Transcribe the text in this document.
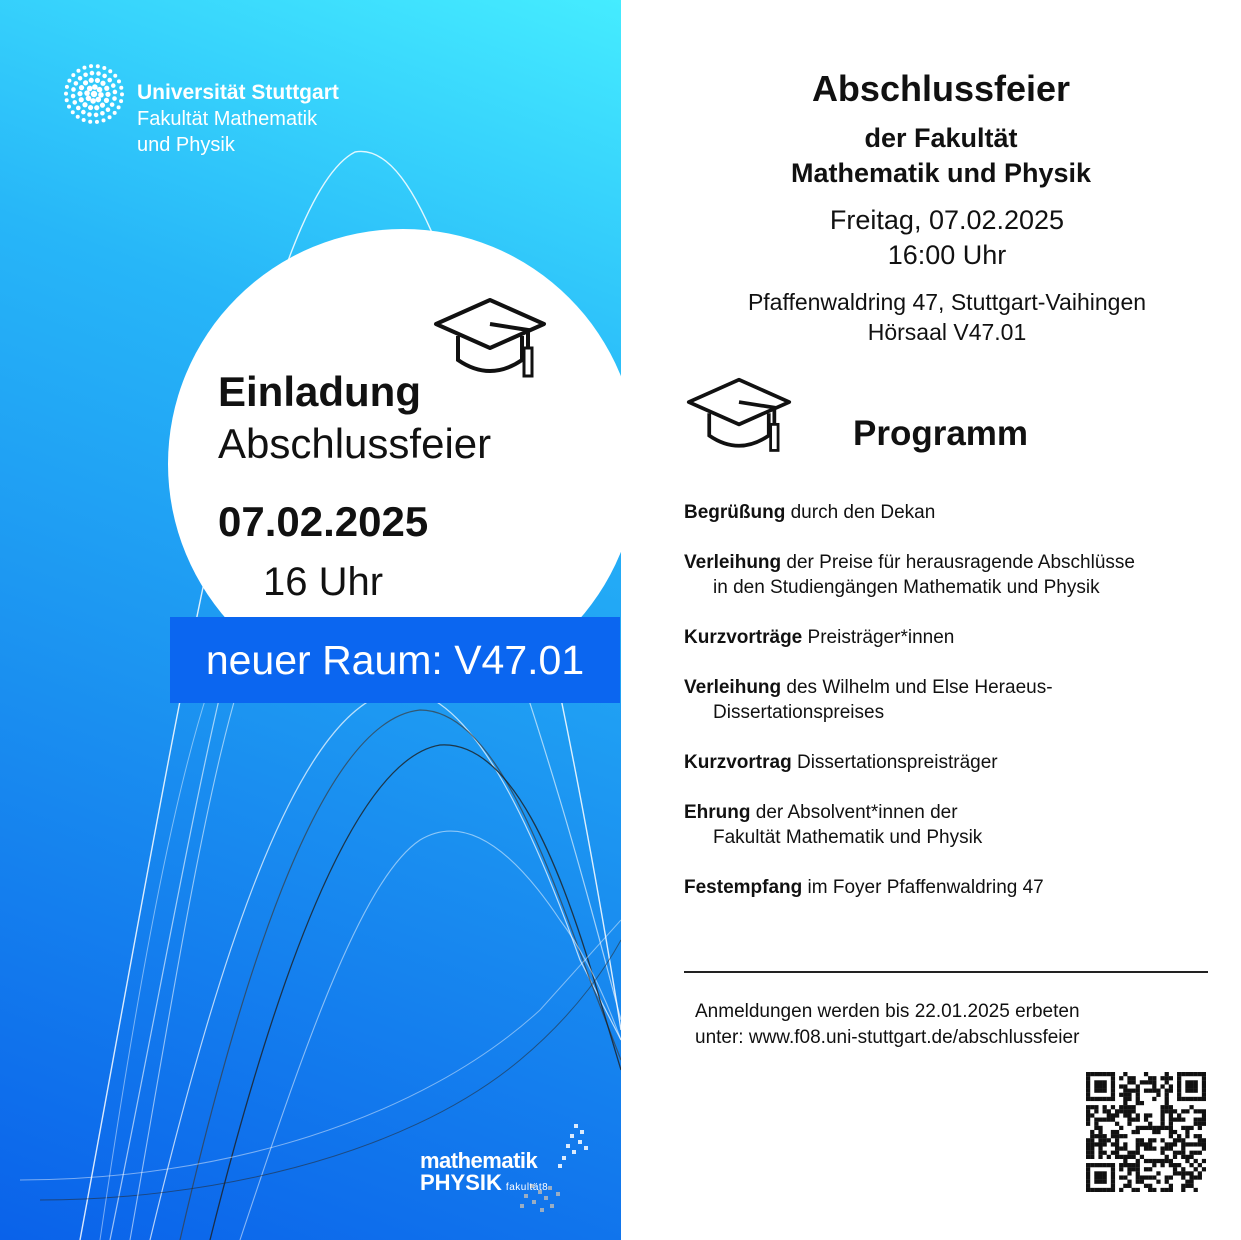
Universität Stuttgart
Fakultät Mathematik
und Physik
Einladung
Abschlussfeier
07.02.2025
16 Uhr
neuer Raum: V47.01
mathematik
PHYSIK fakultät8
Abschlussfeier
der Fakultät
Mathematik und Physik
Freitag, 07.02.2025
16:00 Uhr
Pfaffenwaldring 47, Stuttgart-Vaihingen
Hörsaal V47.01
Programm
Begrüßung durch den Dekan
Verleihung der Preise für herausragende Abschlüsse
in den Studiengängen Mathematik und Physik
Kurzvorträge Preisträger*innen
Verleihung des Wilhelm und Else Heraeus-
Dissertationspreises
Kurzvortrag Dissertationspreisträger
Ehrung der Absolvent*innen der
Fakultät Mathematik und Physik
Festempfang im Foyer Pfaffenwaldring 47
Anmeldungen werden bis 22.01.2025 erbeten
unter: www.f08.uni-stuttgart.de/abschlussfeier
